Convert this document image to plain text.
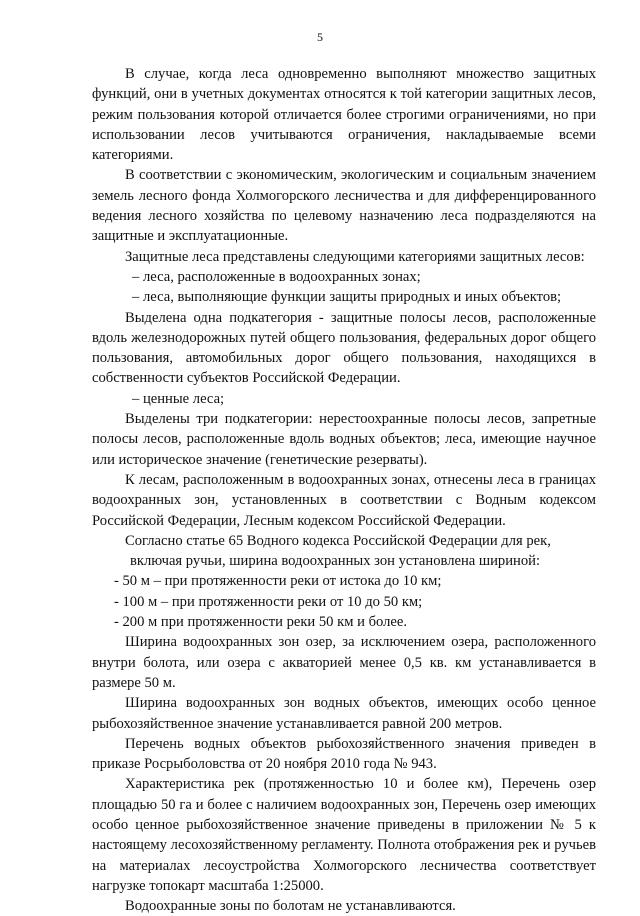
5

В случае, когда леса одновременно выполняют множество защитных функций, они в учетных документах относятся к той категории защитных лесов, режим пользования которой отличается более строгими ограничениями, но при использовании лесов учитываются ограничения, накладываемые всеми категориями.

В соответствии с экономическим, экологическим и социальным значением земель лесного фонда Холмогорского лесничества и для дифференцированного ведения лесного хозяйства по целевому назначению леса подразделяются на защитные и эксплуатационные.

Защитные леса представлены следующими категориями защитных лесов:

– леса, расположенные в водоохранных зонах;

– леса, выполняющие функции защиты природных и иных объектов;

Выделена одна подкатегория - защитные полосы лесов, расположенные вдоль железнодорожных путей общего пользования, федеральных дорог общего пользования, автомобильных дорог общего пользования, находящихся в собственности субъектов Российской Федерации.

– ценные леса;

Выделены три подкатегории: нерестоохранные полосы лесов, запретные полосы лесов, расположенные вдоль водных объектов; леса, имеющие научное или историческое значение (генетические резерваты).

К лесам, расположенным в водоохранных зонах, отнесены леса в границах водоохранных зон, установленных в соответствии с Водным кодексом Российской Федерации, Лесным кодексом Российской Федерации.

Согласно статье 65 Водного кодекса Российской Федерации для рек,

включая ручьи, ширина водоохранных зон установлена шириной:

- 50 м – при протяженности реки от истока до 10 км;

- 100 м – при протяженности реки от 10 до 50 км;

- 200 м при протяженности реки 50 км и более.

Ширина водоохранных зон озер, за исключением озера, расположенного внутри болота, или озера с акваторией менее 0,5 кв. км устанавливается в размере 50 м.

Ширина водоохранных зон водных объектов, имеющих особо ценное рыбохозяйственное значение устанавливается равной 200 метров.

Перечень водных объектов рыбохозяйственного значения приведен в приказе Росрыболовства от 20 ноября 2010 года № 943.

Характеристика рек (протяженностью 10 и более км), Перечень озер площадью 50 га и более с наличием водоохранных зон, Перечень озер имеющих особо ценное рыбохозяйственное значение приведены в приложении № 5 к настоящему лесохозяйственному регламенту. Полнота отображения рек и ручьев на материалах лесоустройства Холмогорского лесничества соответствует нагрузке топокарт масштаба 1:25000.

Водоохранные зоны по болотам не устанавливаются.
